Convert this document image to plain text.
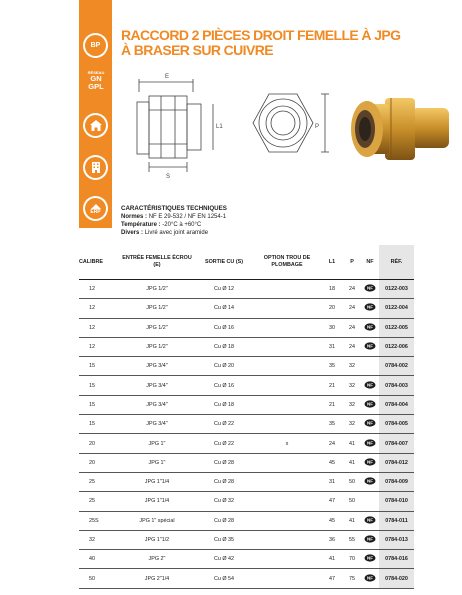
BP
RÉSEAU
GN
GPL
ERP
RACCORD 2 PIÈCES DROIT FEMELLE À JPG
À BRASER SUR CUIVRE
E
L1
S
P
CARACTÉRISTIQUES TECHNIQUES
Normes : NF E 29-532 / NF EN 1254-1
Température : -20°C à +60°C
Divers : Livré avec joint aramide
CALIBRE	ENTRÉE FEMELLE ÉCROU (E)	SORTIE CU (S)	OPTION TROU DE PLOMBAGE	L1	P	NF	RÉF.
12	JPG 1/2"	Cu Ø 12		18	24	NF	0122-003
12	JPG 1/2"	Cu Ø 14		20	24	NF	0122-004
12	JPG 1/2"	Cu Ø 16		30	24	NF	0122-005
12	JPG 1/2"	Cu Ø 18		31	24	NF	0122-006
15	JPG 3/4"	Cu Ø 20		35	32		0784-002
15	JPG 3/4"	Cu Ø 16		21	32	NF	0784-003
15	JPG 3/4"	Cu Ø 18		21	32	NF	0784-004
15	JPG 3/4"	Cu Ø 22		35	32	NF	0784-005
20	JPG 1"	Cu Ø 22	x	24	41	NF	0784-007
20	JPG 1"	Cu Ø 28		45	41	NF	0784-012
25	JPG 1"1/4	Cu Ø 28		31	50	NF	0784-009
25	JPG 1"1/4	Cu Ø 32		47	50		0784-010
25S	JPG 1" spécial	Cu Ø 28		45	41	NF	0784-011
32	JPG 1"1/2	Cu Ø 35		36	55	NF	0784-013
40	JPG 2"	Cu Ø 42		41	70	NF	0784-016
50	JPG 2"1/4	Cu Ø 54		47	75	NF	0784-020
